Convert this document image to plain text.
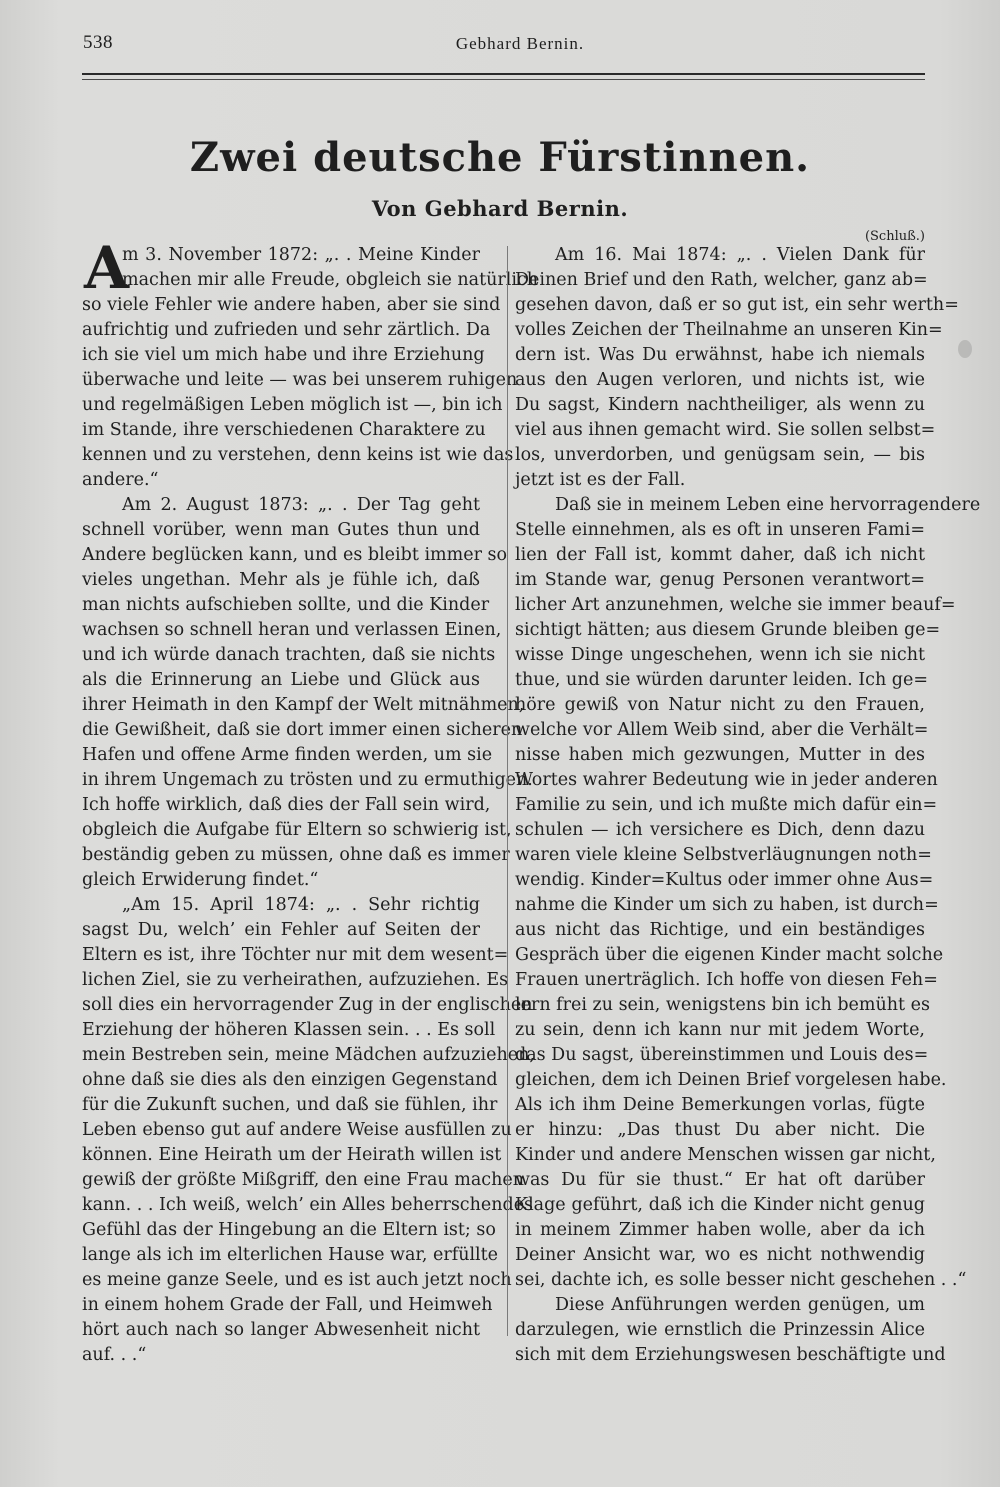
538	Gebhard Bernin.
Zwei deutsche Fürstinnen.
Von Gebhard Bernin.
(Schluß.)
A
m 3. November 1872: „. . Meine Kinder
machen mir alle Freude, obgleich sie natürlich
so viele Fehler wie andere haben, aber sie sind
aufrichtig und zufrieden und sehr zärtlich. Da
ich sie viel um mich habe und ihre Erziehung
überwache und leite — was bei unserem ruhigen
und regelmäßigen Leben möglich ist —, bin ich
im Stande, ihre verschiedenen Charaktere zu
kennen und zu verstehen, denn keins ist wie das
andere.“
Am 2. August 1873: „. . Der Tag geht
schnell vorüber, wenn man Gutes thun und
Andere beglücken kann, und es bleibt immer so
vieles ungethan. Mehr als je fühle ich, daß
man nichts aufschieben sollte, und die Kinder
wachsen so schnell heran und verlassen Einen,
und ich würde danach trachten, daß sie nichts
als die Erinnerung an Liebe und Glück aus
ihrer Heimath in den Kampf der Welt mitnähmen,
die Gewißheit, daß sie dort immer einen sicheren
Hafen und offene Arme finden werden, um sie
in ihrem Ungemach zu trösten und zu ermuthigen.
Ich hoffe wirklich, daß dies der Fall sein wird,
obgleich die Aufgabe für Eltern so schwierig ist,
beständig geben zu müssen, ohne daß es immer
gleich Erwiderung findet.“
„Am 15. April 1874: „. . Sehr richtig
sagst Du, welch’ ein Fehler auf Seiten der
Eltern es ist, ihre Töchter nur mit dem wesent=
lichen Ziel, sie zu verheirathen, aufzuziehen. Es
soll dies ein hervorragender Zug in der englischen
Erziehung der höheren Klassen sein. . . Es soll
mein Bestreben sein, meine Mädchen aufzuziehen,
ohne daß sie dies als den einzigen Gegenstand
für die Zukunft suchen, und daß sie fühlen, ihr
Leben ebenso gut auf andere Weise ausfüllen zu
können. Eine Heirath um der Heirath willen ist
gewiß der größte Mißgriff, den eine Frau machen
kann. . . Ich weiß, welch’ ein Alles beherrschendes
Gefühl das der Hingebung an die Eltern ist; so
lange als ich im elterlichen Hause war, erfüllte
es meine ganze Seele, und es ist auch jetzt noch
in einem hohem Grade der Fall, und Heimweh
hört auch nach so langer Abwesenheit nicht
auf. . .“
Am 16. Mai 1874: „. . Vielen Dank für
Deinen Brief und den Rath, welcher, ganz ab=
gesehen davon, daß er so gut ist, ein sehr werth=
volles Zeichen der Theilnahme an unseren Kin=
dern ist. Was Du erwähnst, habe ich niemals
aus den Augen verloren, und nichts ist, wie
Du sagst, Kindern nachtheiliger, als wenn zu
viel aus ihnen gemacht wird. Sie sollen selbst=
los, unverdorben, und genügsam sein, — bis
jetzt ist es der Fall.
Daß sie in meinem Leben eine hervorragendere
Stelle einnehmen, als es oft in unseren Fami=
lien der Fall ist, kommt daher, daß ich nicht
im Stande war, genug Personen verantwort=
licher Art anzunehmen, welche sie immer beauf=
sichtigt hätten; aus diesem Grunde bleiben ge=
wisse Dinge ungeschehen, wenn ich sie nicht
thue, und sie würden darunter leiden. Ich ge=
höre gewiß von Natur nicht zu den Frauen,
welche vor Allem Weib sind, aber die Verhält=
nisse haben mich gezwungen, Mutter in des
Wortes wahrer Bedeutung wie in jeder anderen
Familie zu sein, und ich mußte mich dafür ein=
schulen — ich versichere es Dich, denn dazu
waren viele kleine Selbstverläugnungen noth=
wendig. Kinder=Kultus oder immer ohne Aus=
nahme die Kinder um sich zu haben, ist durch=
aus nicht das Richtige, und ein beständiges
Gespräch über die eigenen Kinder macht solche
Frauen unerträglich. Ich hoffe von diesen Feh=
lern frei zu sein, wenigstens bin ich bemüht es
zu sein, denn ich kann nur mit jedem Worte,
das Du sagst, übereinstimmen und Louis des=
gleichen, dem ich Deinen Brief vorgelesen habe.
Als ich ihm Deine Bemerkungen vorlas, fügte
er hinzu: „Das thust Du aber nicht. Die
Kinder und andere Menschen wissen gar nicht,
was Du für sie thust.“ Er hat oft darüber
Klage geführt, daß ich die Kinder nicht genug
in meinem Zimmer haben wolle, aber da ich
Deiner Ansicht war, wo es nicht nothwendig
sei, dachte ich, es solle besser nicht geschehen . .“
Diese Anführungen werden genügen, um
darzulegen, wie ernstlich die Prinzessin Alice
sich mit dem Erziehungswesen beschäftigte und
